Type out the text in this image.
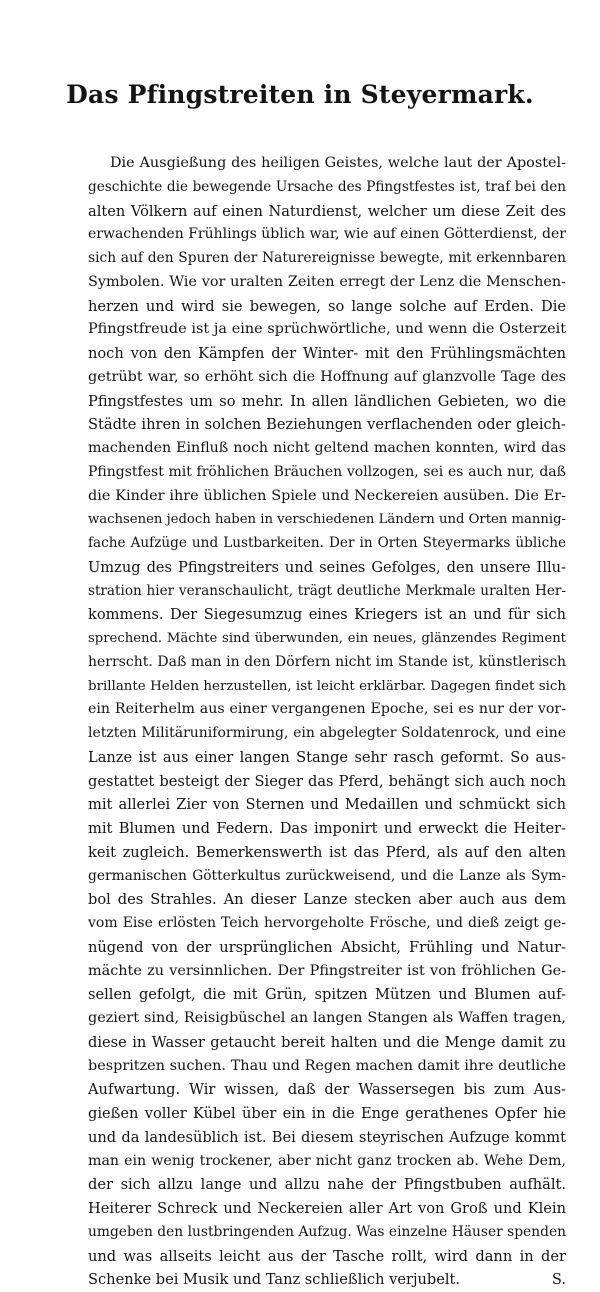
Das Pfingstreiten in Steyermark.
Die Ausgießung des heiligen Geistes, welche laut der Apostel-
geschichte die bewegende Ursache des Pfingstfestes ist, traf bei den
alten Völkern auf einen Naturdienst, welcher um diese Zeit des
erwachenden Frühlings üblich war, wie auf einen Götterdienst, der
sich auf den Spuren der Naturereignisse bewegte, mit erkennbaren
Symbolen. Wie vor uralten Zeiten erregt der Lenz die Menschen-
herzen und wird sie bewegen, so lange solche auf Erden. Die
Pfingstfreude ist ja eine sprüchwörtliche, und wenn die Osterzeit
noch von den Kämpfen der Winter- mit den Frühlingsmächten
getrübt war, so erhöht sich die Hoffnung auf glanzvolle Tage des
Pfingstfestes um so mehr. In allen ländlichen Gebieten, wo die
Städte ihren in solchen Beziehungen verflachenden oder gleich-
machenden Einfluß noch nicht geltend machen konnten, wird das
Pfingstfest mit fröhlichen Bräuchen vollzogen, sei es auch nur, daß
die Kinder ihre üblichen Spiele und Neckereien ausüben. Die Er-
wachsenen jedoch haben in verschiedenen Ländern und Orten mannig-
fache Aufzüge und Lustbarkeiten. Der in Orten Steyermarks übliche
Umzug des Pfingstreiters und seines Gefolges, den unsere Illu-
stration hier veranschaulicht, trägt deutliche Merkmale uralten Her-
kommens. Der Siegesumzug eines Kriegers ist an und für sich
sprechend. Mächte sind überwunden, ein neues, glänzendes Regiment
herrscht. Daß man in den Dörfern nicht im Stande ist, künstlerisch
brillante Helden herzustellen, ist leicht erklärbar. Dagegen findet sich
ein Reiterhelm aus einer vergangenen Epoche, sei es nur der vor-
letzten Militäruniformirung, ein abgelegter Soldatenrock, und eine
Lanze ist aus einer langen Stange sehr rasch geformt. So aus-
gestattet besteigt der Sieger das Pferd, behängt sich auch noch
mit allerlei Zier von Sternen und Medaillen und schmückt sich
mit Blumen und Federn. Das imponirt und erweckt die Heiter-
keit zugleich. Bemerkenswerth ist das Pferd, als auf den alten
germanischen Götterkultus zurückweisend, und die Lanze als Sym-
bol des Strahles. An dieser Lanze stecken aber auch aus dem
vom Eise erlösten Teich hervorgeholte Frösche, und dieß zeigt ge-
nügend von der ursprünglichen Absicht, Frühling und Natur-
mächte zu versinnlichen. Der Pfingstreiter ist von fröhlichen Ge-
sellen gefolgt, die mit Grün, spitzen Mützen und Blumen auf-
geziert sind, Reisigbüschel an langen Stangen als Waffen tragen,
diese in Wasser getaucht bereit halten und die Menge damit zu
bespritzen suchen. Thau und Regen machen damit ihre deutliche
Aufwartung. Wir wissen, daß der Wassersegen bis zum Aus-
gießen voller Kübel über ein in die Enge gerathenes Opfer hie
und da landesüblich ist. Bei diesem steyrischen Aufzuge kommt
man ein wenig trockener, aber nicht ganz trocken ab. Wehe Dem,
der sich allzu lange und allzu nahe der Pfingstbuben aufhält.
Heiterer Schreck und Neckereien aller Art von Groß und Klein
umgeben den lustbringenden Aufzug. Was einzelne Häuser spenden
und was allseits leicht aus der Tasche rollt, wird dann in der
Schenke bei Musik und Tanz schließlich verjubelt.	S.
